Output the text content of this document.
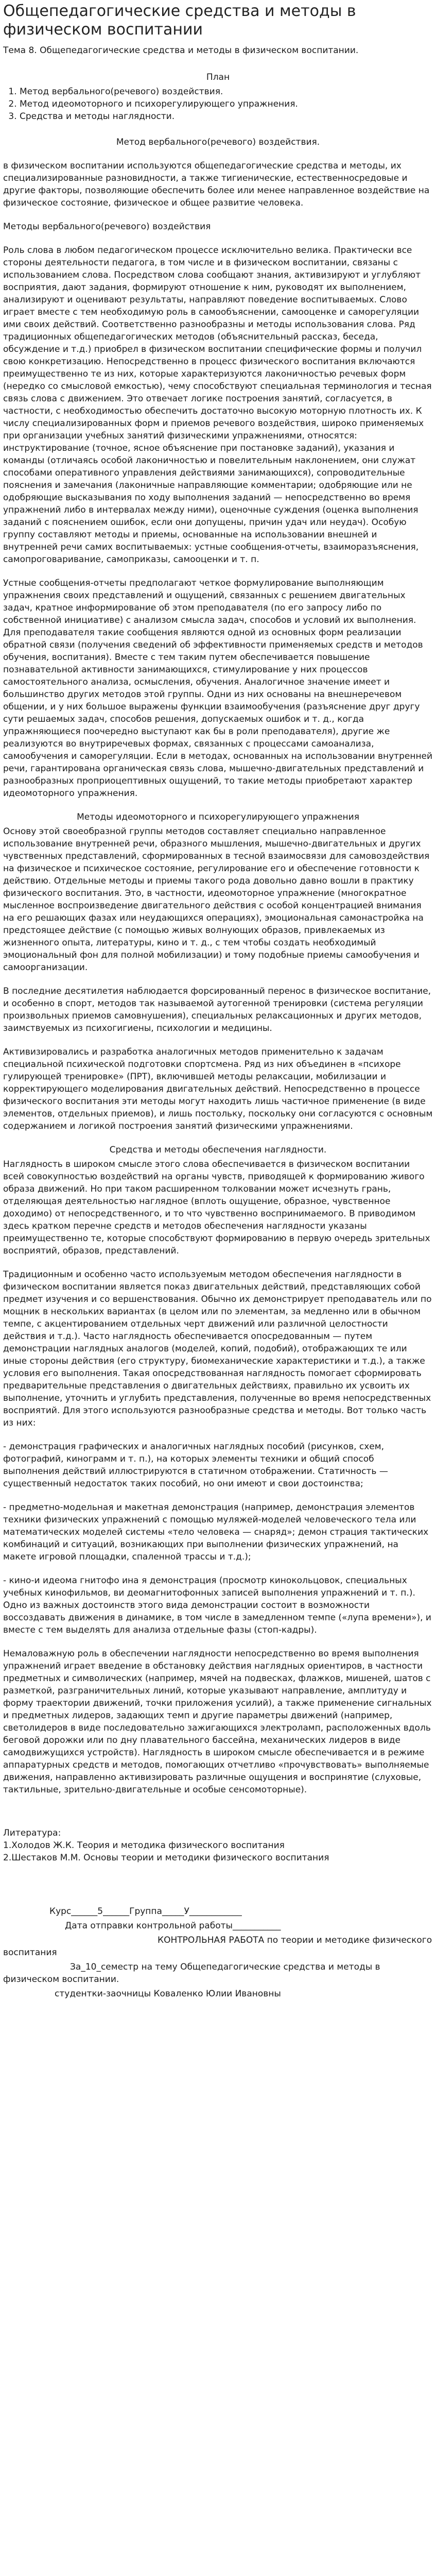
Общепедагогические средства и методы в физическом воспитании

Тема 8. Общепедагогические средства и методы в физическом воспитании.

План

1. Метод вербального(речевого) воздействия.
2. Метод идеомоторного и психорегулирующего упражнения.
3. Средства и методы наглядности.

Метод вербального(речевого) воздействия.

в физическом воспитании используются общепедагогические средства и методы, их специализированные разновидности, а также тигиенические, естественносредовые и другие факторы, позволяющие обеспечить более или менее направленное воздействие на физическое состояние, физическое и общее развитие человека.

Методы вербального(речевого) воздействия

Роль слова в любом педагогическом процессе исключительно велика. Практически все стороны деятельности педагога, в том числе и в физическом воспитании, связаны с использованием слова. Посредством слова сообщают знания, активизируют и углубляют восприятия, дают задания, формируют отношение к ним, руководят их выполнением, анализируют и оценивают результаты, направляют поведение воспитываемых. Слово играет вместе с тем необходимую роль в самообъяснении, самооценке и саморегуляции ими своих действий. Соответственно разнообразны и методы использования слова. Ряд традиционных общепедагогических методов (объяснительный рассказ, беседа, обсуждение и т.д.) приобрел в физическом воспитании специфические формы и получил свою конкретизацию. Непосредственно в процесс физического воспитания включаются преимущественно те из них, которые характеризуются лаконичностью речевых форм (нередко со смысловой емкостью), чему способствуют специальная терминология и тесная связь слова с движением. Это отвечает логике построения занятий, согласуется, в частности, с необходимостью обеспечить достаточно высокую моторную плотность их. К числу специализированных форм и приемов речевого воздействия, широко применяемых при организации учебных занятий физическими упражнениями, относятся: инструктирование (точное, ясное объяснение при постановке заданий), указания и команды (отличаясь особой лаконичностью и повелительным наклонением, они служат способами оперативного управления действиями занимающихся), сопроводительные пояснения и замечания (лаконичные направляющие комментарии; одобряющие или не одобряющие высказывания по ходу выполнения заданий — непосредственно во время упражнений либо в интервалах между ними), оценочные суждения (оценка выполнения заданий с пояснением ошибок, если они допущены, причин удач или неудач). Особую группу составляют методы и приемы, основанные на использовании внешней и внутренней речи самих воспитываемых: устные сообщения-отчеты, взаиморазъяснения, самопроговаривание, самоприказы, самооценки и т. п.

Устные сообщения-отчеты предполагают четкое формулирование выполняющим упражнения своих представлений и ощущений, связанных с решением двигательных задач, кратное информирование об этом преподавателя (по его запросу либо по собственной инициативе) с анализом смысла задач, способов и условий их выполнения. Для преподавателя такие сообщения являются одной из основных форм реализации обратной связи (получения сведений об эффективности применяемых средств и методов обучения, воспитания). Вместе с тем таким путем обеспечивается повышение познавательной активности занимающихся, стимулирование у них процессов самостоятельного анализа, осмысления, обучения. Аналогичное значение имеет и большинство других методов этой группы. Одни из них основаны на внешнеречевом общении, и у них большое выражены функции взаимообучения (разъяснение друг другу сути решаемых задач, способов решения, допускаемых ошибок и т. д., когда упражняющиеся поочередно выступают как бы в роли преподавателя), другие же реализуются во внутриречевых формах, связанных с процессами самоанализа, самообучения и саморегуляции. Если в методах, основанных на использовании внутренней речи, гарантирована органическая связь слова, мышечно-двигательных представлений и разнообразных проприоцептивных ощущений, то такие методы приобретают характер идеомоторного упражнения.

Методы идеомоторного и психорегулирующего упражнения

Основу этой своеобразной группы методов составляет специально направленное использование внутренней речи, образного мышления, мышечно-двигательных и других чувственных представлений, сформированных в тесной взаимосвязи для самовоздействия на физическое и психическое состояние, регулирование его и обеспечение готовности к действию. Отдельные методы и приемы такого рода довольно давно вошли в практику физического воспитания. Это, в частности, идеомоторное упражнение (многократное мысленное воспроизведение двигательного действия с особой концентрацией внимания на его решающих фазах или неудающихся операциях), эмоциональная самонастройка на предстоящее действие (с помощью живых волнующих образов, привлекаемых из жизненного опыта, литературы, кино и т. д., с тем чтобы создать необходимый эмоциональный фон для полной мобилизации) и тому подобные приемы самообучения и самоорганизации.

В последние десятилетия наблюдается форсированный перенос в физическое воспитание, и особенно в спорт, методов так называемой аутогенной тренировки (система регуляции произвольных приемов самовнушения), специальных релаксационных и других методов, заимствуемых из психогигиены, психологии и медицины.

Активизировались и разработка аналогичных методов применительно к задачам специальной психической подготовки спортсмена. Ряд из них объединен в «психоре гулирующей тренировке» (ПРТ), включившей методы релаксации, мобилизации и корректирующего моделирования двигательных действий. Непосредственно в процессе физического воспитания эти методы могут находить лишь частичное применение (в виде элементов, отдельных приемов), и лишь постольку, поскольку они согласуются с основным содержанием и логикой построения занятий физическими упражнениями.

Средства и методы обеспечения наглядности.

Наглядность в широком смысле этого слова обеспечивается в физическом воспитании всей совокупностью воздействий на органы чувств, приводящей к формированию живого образа движений. Но при таком расширенном толковании может исчезнуть грань, отделяющая деятельностью наглядное (вплоть ощущение, образное, чувственное доходимо) от непосредственного, и то что чувственно воспринимаемого. В приводимом здесь кратком перечне средств и методов обеспечения наглядности указаны преимущественно те, которые способствуют формированию в первую очередь зрительных восприятий, образов, представлений.

Традиционным и особенно часто используемым методом обеспечения наглядности в физическом воспитании является показ двигательных действий, представляющих собой предмет изучения и со вершенствования. Обычно их демонстрирует преподаватель или по мощник в нескольких вариантах (в целом или по элементам, за медленно или в обычном темпе, с акцентированием отдельных черт движений или различной целостности действия и т.д.). Часто наглядность обеспечивается опосредованным — путем демонстрации наглядных аналогов (моделей, копий, подобий), отображающих те или иные стороны действия (его структуру, биомеханические характеристики и т.д.), а также условия его выполнения. Такая опосредствованная наглядность помогает сформировать предварительные представления о двигательных действиях, правильно их усвоить их выполнение, уточнить и углубить представления, полученные во время непосредственных восприятий. Для этого используются разнообразные средства и методы. Вот только часть из них:

- демонстрация графических и аналогичных наглядных пособий (рисунков, схем, фотографий, кинограмм и т. п.), на которых элементы техники и общий способ выполнения действий иллюстрируются в статичном отображении. Статичность — существенный недостаток таких пособий, но они имеют и свои достоинства;

- предметно-модельная и макетная демонстрация (например, демонстрация элементов техники физических упражнений с помощью муляжей-моделей человеческого тела или математических моделей системы «тело человека — снаряд»; демон страция тактических комбинаций и ситуаций, возникающих при выполнении физических упражнений, на макете игровой площадки, спаленной трассы и т.д.);

- кино-и идеома гнитофо ина я демонстрация (просмотр кинокольцовок, специальных учебных кинофильмов, ви деомагнитофонных записей выполнения упражнений и т. п.). Одно из важных достоинств этого вида демонстрации состоит в возможности воссоздавать движения в динамике, в том числе в замедленном темпе («лупа времени»), и вместе с тем выделять для анализа отдельные фазы (стоп-кадры).

Немаловажную роль в обеспечении наглядности непосредственно во время выполнения упражнений играет введение в обстановку действия наглядных ориентиров, в частности предметных и символических (например, мячей на подвесках, флажков, мишеней, шатов с разметкой, разграничительных линий, которые указывают направление, амплитуду и форму траектории движений, точки приложения усилий), а также применение сигнальных и предметных лидеров, задающих темп и другие параметры движений (например, светолидеров в виде последовательно зажигающихся электроламп, расположенных вдоль беговой дорожки или по дну плавательного бассейна, механических лидеров в виде самодвижущихся устройств). Наглядность в широком смысле обеспечивается и в режиме аппаратурных средств и методов, помогающих отчетливо «прочувствовать» выполняемые движения, направленно активизировать различные ощущения и воспринятие (слуховые, тактильные, зрительно-двигательные и особые сенсомоторные).

Литература:

1.Холодов Ж.К. Теория и методика физического воспитания

2.Шестаков М.М. Основы теории и методики физического воспитания

Курс______5______Группа_____У____________

Дата отправки контрольной работы___________

КОНТРОЛЬНАЯ РАБОТА по теории и методике физического воспитания

За_10_семестр на тему Общепедагогические средства и методы в физическом воспитании.

студентки-заочницы Коваленко Юлии Ивановны
